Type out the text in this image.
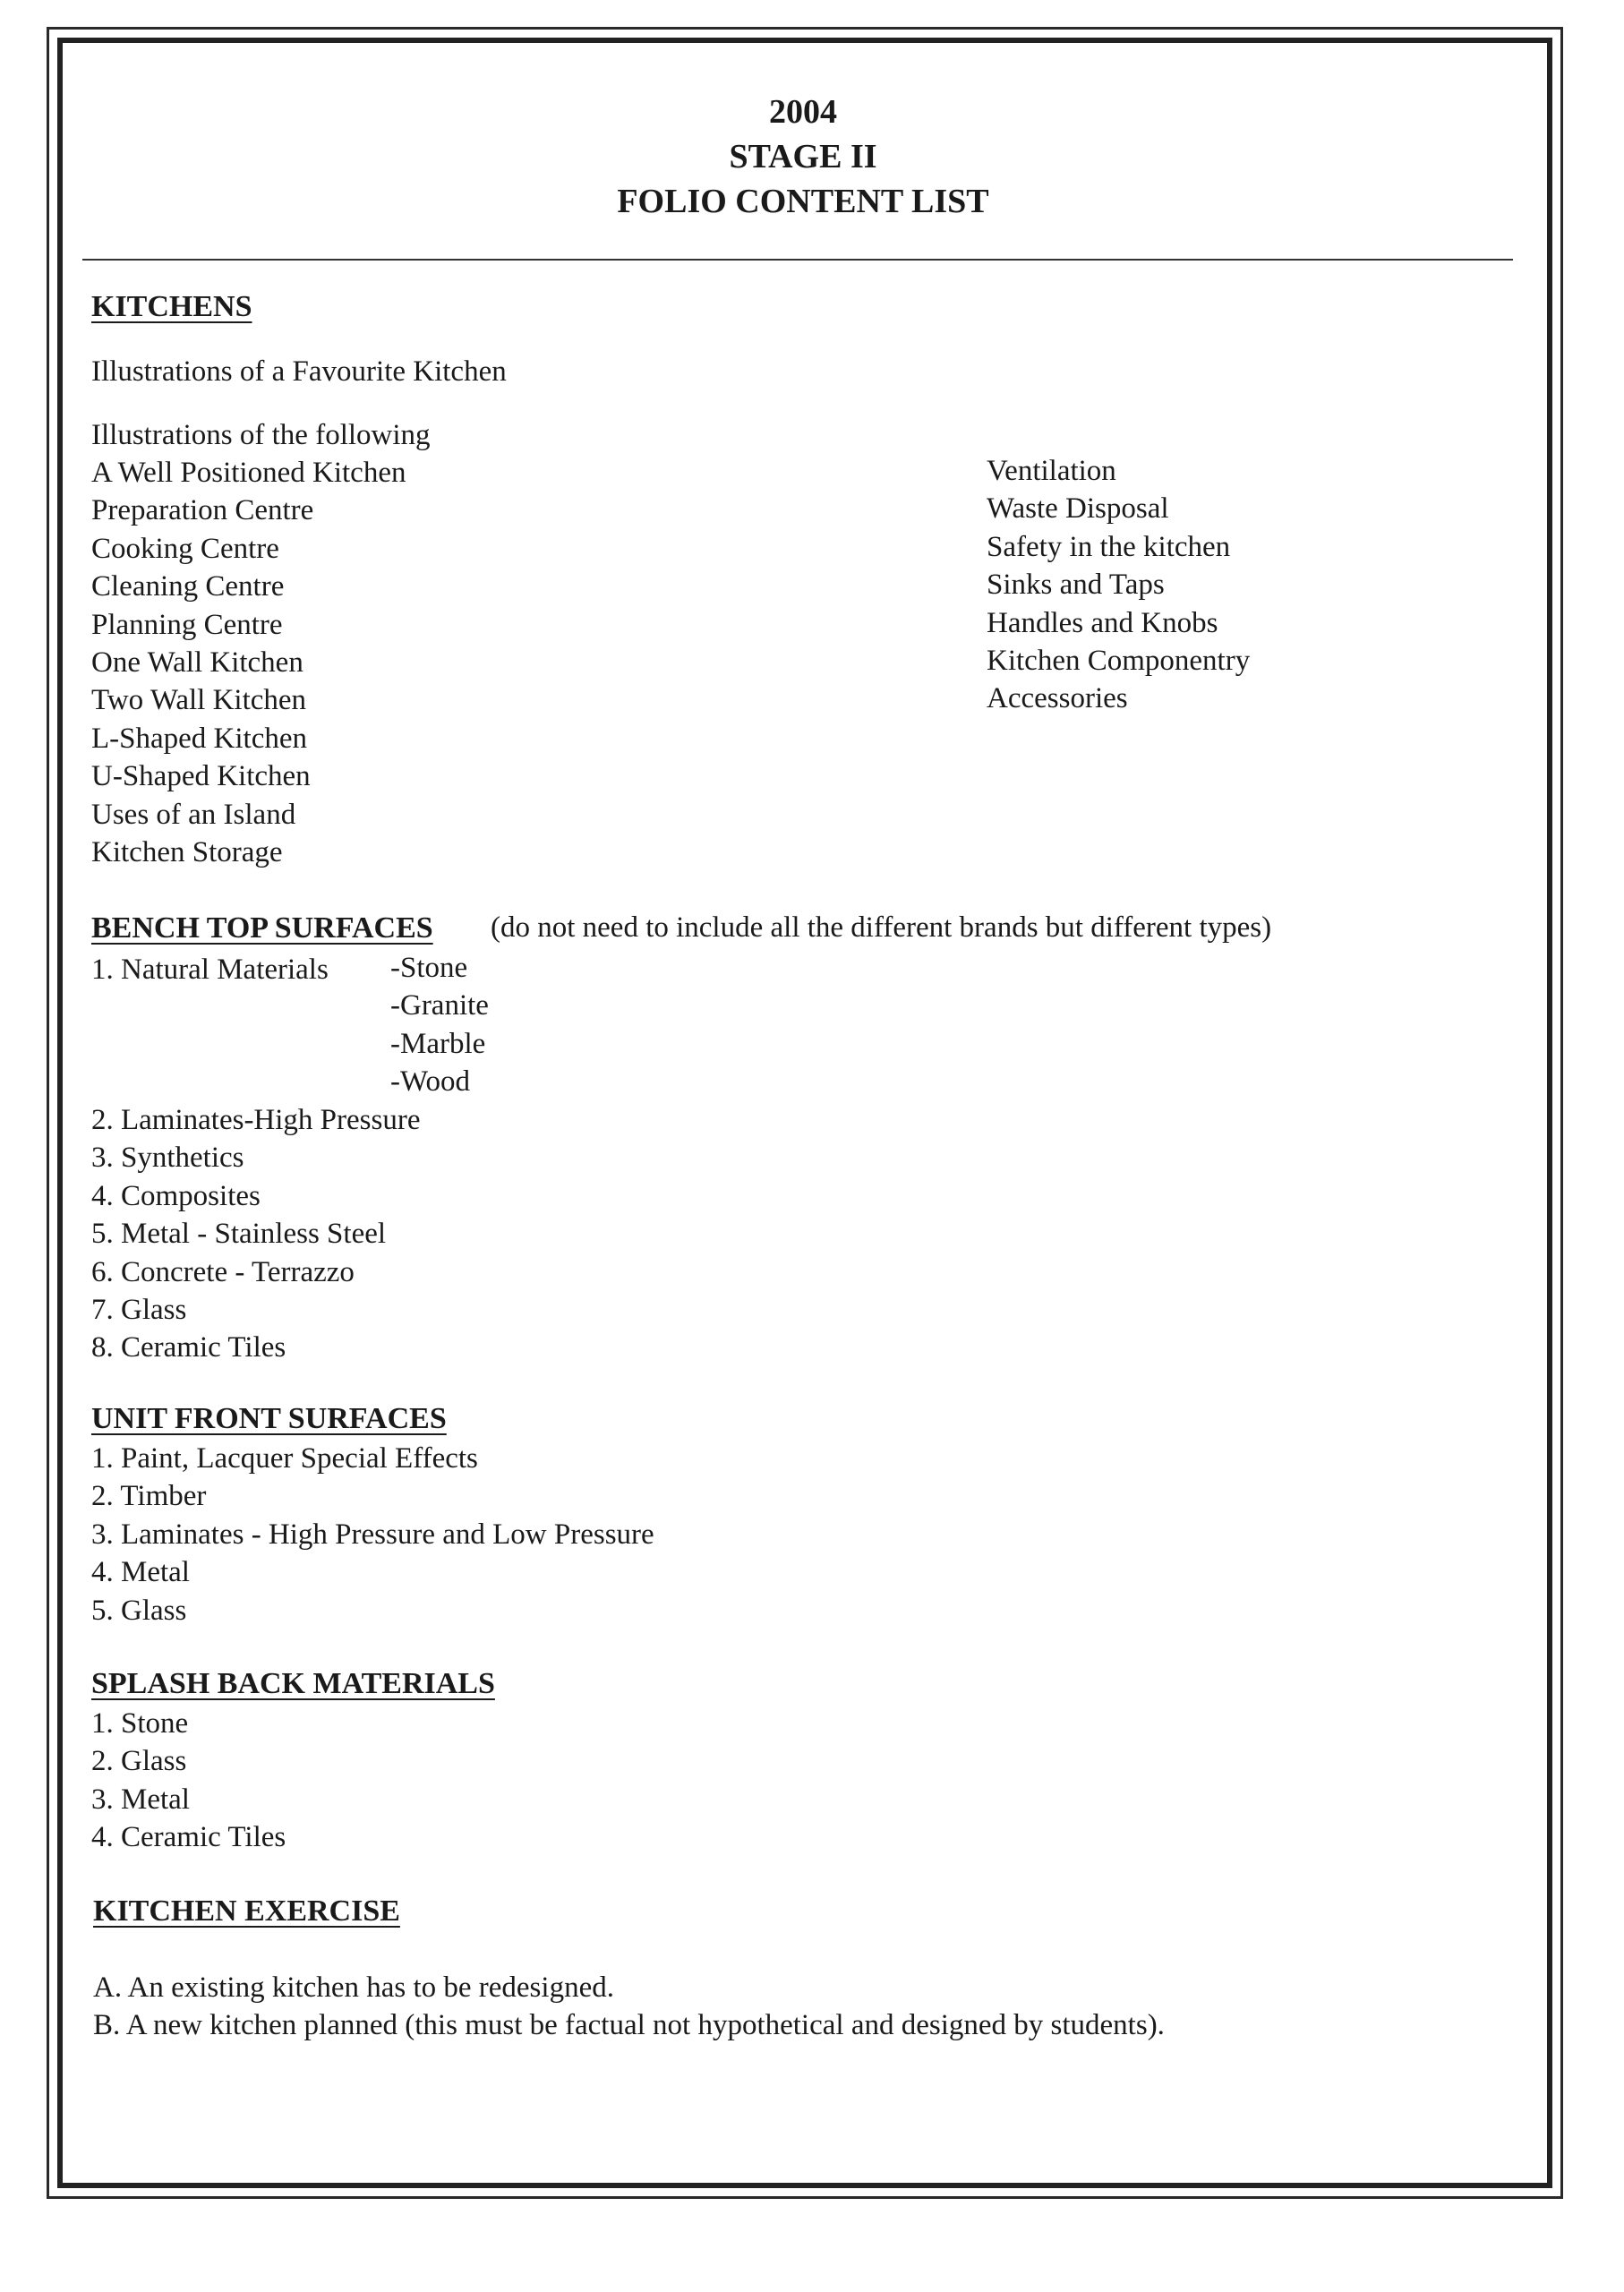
2004
STAGE II
FOLIO CONTENT LIST
KITCHENS
Illustrations of a Favourite Kitchen
Illustrations of the following
A Well Positioned Kitchen
Preparation Centre
Cooking Centre
Cleaning Centre
Planning Centre
One Wall Kitchen
Two Wall Kitchen
L-Shaped Kitchen
U-Shaped Kitchen
Uses of an Island
Kitchen Storage
Ventilation
Waste Disposal
Safety in the kitchen
Sinks and Taps
Handles and Knobs
Kitchen Componentry
Accessories
BENCH TOP SURFACES (do not need to include all the different brands but different types)
1. Natural Materials -Stone
-Granite
-Marble
-Wood
2. Laminates-High Pressure
3. Synthetics
4. Composites
5. Metal - Stainless Steel
6. Concrete - Terrazzo
7. Glass
8. Ceramic Tiles
UNIT FRONT SURFACES
1. Paint, Lacquer Special Effects
2. Timber
3. Laminates - High Pressure and Low Pressure
4. Metal
5. Glass
SPLASH BACK MATERIALS
1. Stone
2. Glass
3. Metal
4. Ceramic Tiles
KITCHEN EXERCISE
A. An existing kitchen has to be redesigned.
B. A new kitchen planned (this must be factual not hypothetical and designed by students).
